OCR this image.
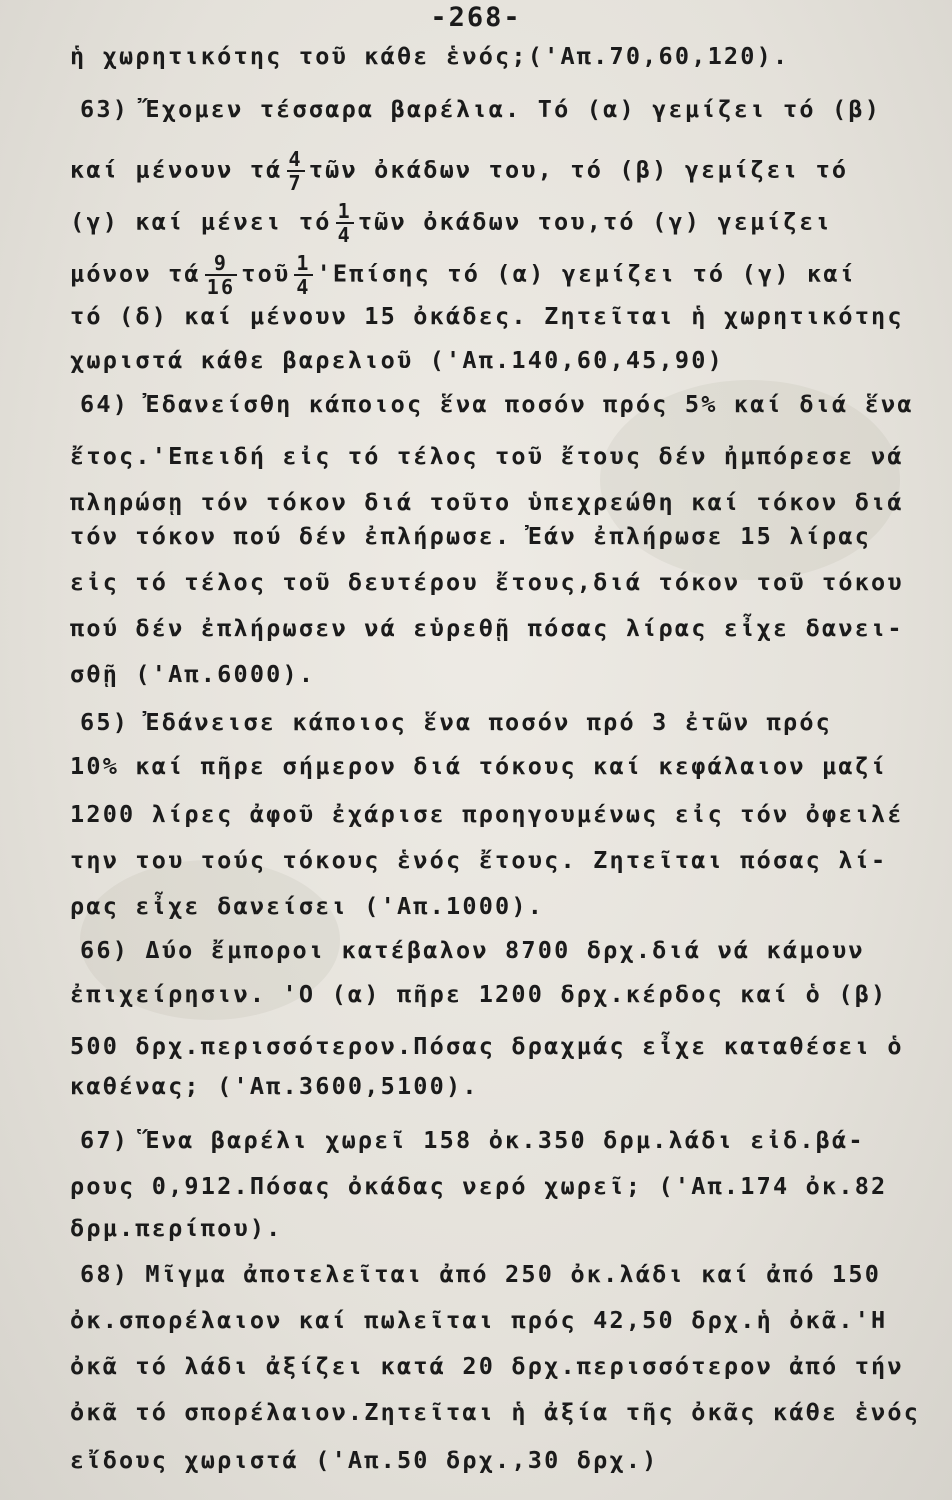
-268-
ἡ χωρητικότης τοῦ κάθε ἑνός;('Απ.70,60,120).
63) Ἔχομεν τέσσαρα βαρέλια. Τό (α) γεμίζει τό (β)
καί μένουν τά $\frac{4}{7}$ τῶν ὀκάδων του, τό (β) γεμίζει τό
(γ) καί μένει τό $\frac{1}{4}$ τῶν ὀκάδων του,τό (γ) γεμίζει
μόνον τά $\frac{9}{16}$ τοῦ $\frac{1}{4}$ 'Επίσης τό (α) γεμίζει τό (γ) καί
τό (δ) καί μένουν 15 ὀκάδες. Ζητεῖται ἡ χωρητικότης
χωριστά κάθε βαρελιοῦ ('Απ.140,60,45,90)
64) Ἐδανείσθη κάποιος ἕνα ποσόν πρός 5% καί διά ἕνα
ἔτος.'Επειδή εἰς τό τέλος τοῦ ἔτους δέν ἠμπόρεσε νά
πληρώσῃ τόν τόκον διά τοῦτο ὑπεχρεώθη καί τόκον διά
τόν τόκον πού δέν ἐπλήρωσε. Ἐάν ἐπλήρωσε 15 λίρας
εἰς τό τέλος τοῦ δευτέρου ἔτους,διά τόκον τοῦ τόκου
πού δέν ἐπλήρωσεν νά εὑρεθῇ πόσας λίρας εἶχε δανει-
σθῇ ('Απ.6000).
65) Ἐδάνεισε κάποιος ἕνα ποσόν πρό 3 ἐτῶν πρός
10% καί πῆρε σήμερον διά τόκους καί κεφάλαιον μαζί
1200 λίρες ἀφοῦ ἐχάρισε προηγουμένως εἰς τόν ὀφειλέ
την του τούς τόκους ἑνός ἔτους. Ζητεῖται πόσας λί-
ρας εἶχε δανείσει ('Απ.1000).
66) Δύο ἔμποροι κατέβαλον 8700 δρχ.διά νά κάμουν
ἐπιχείρησιν. 'Ο (α) πῆρε 1200 δρχ.κέρδος καί ὁ (β)
500 δρχ.περισσότερον.Πόσας δραχμάς εἶχε καταθέσει ὁ
καθένας; ('Απ.3600,5100).
67) Ἕνα βαρέλι χωρεῖ 158 ὀκ.350 δρμ.λάδι εἰδ.βά-
ρους 0,912.Πόσας ὀκάδας νερό χωρεῖ; ('Απ.174 ὀκ.82
δρμ.περίπου).
68) Μῖγμα ἀποτελεῖται ἀπό 250 ὀκ.λάδι καί ἀπό 150
ὀκ.σπορέλαιον καί πωλεῖται πρός 42,50 δρχ.ἡ ὀκᾶ.'Η
ὀκᾶ τό λάδι ἀξίζει κατά 20 δρχ.περισσότερον ἀπό τήν
ὀκᾶ τό σπορέλαιον.Ζητεῖται ἡ ἀξία τῆς ὀκᾶς κάθε ἑνός
εἴδους χωριστά ('Απ.50 δρχ.,30 δρχ.)
